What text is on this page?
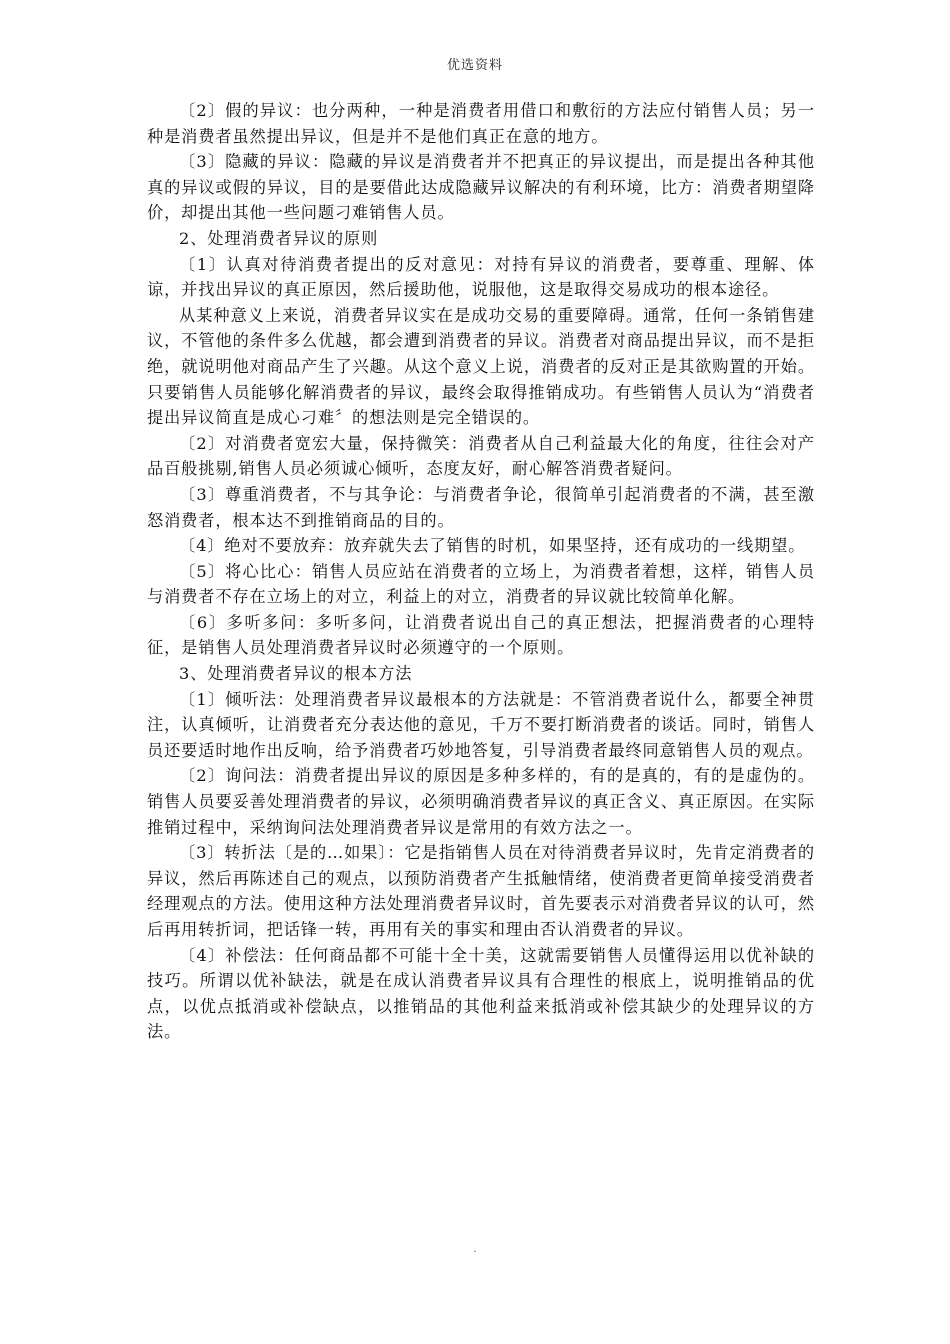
优选资料

〔2〕假的异议：也分两种，一种是消费者用借口和敷衍的方法应付销售人员；另一种是消费者虽然提出异议，但是并不是他们真正在意的地方。

〔3〕隐藏的异议：隐藏的异议是消费者并不把真正的异议提出，而是提出各种其他真的异议或假的异议，目的是要借此达成隐藏异议解决的有利环境，比方：消费者期望降价，却提出其他一些问题刁难销售人员。

2、处理消费者异议的原则

〔1〕认真对待消费者提出的反对意见：对持有异议的消费者，要尊重、理解、体谅，并找出异议的真正原因，然后援助他，说服他，这是取得交易成功的根本途径。

从某种意义上来说，消费者异议实在是成功交易的重要障碍。通常，任何一条销售建议，不管他的条件多么优越，都会遭到消费者的异议。消费者对商品提出异议，而不是拒绝，就说明他对商品产生了兴趣。从这个意义上说，消费者的反对正是其欲购置的开始。只要销售人员能够化解消费者的异议，最终会取得推销成功。有些销售人员认为“消费者提出异议简直是成心刁难〞的想法则是完全错误的。

〔2〕对消费者宽宏大量，保持微笑：消费者从自己利益最大化的角度，往往会对产品百般挑剔,销售人员必须诚心倾听，态度友好，耐心解答消费者疑问。

〔3〕尊重消费者，不与其争论：与消费者争论，很简单引起消费者的不满，甚至激怒消费者，根本达不到推销商品的目的。

〔4〕绝对不要放弃：放弃就失去了销售的时机，如果坚持，还有成功的一线期望。

〔5〕将心比心：销售人员应站在消费者的立场上，为消费者着想，这样，销售人员与消费者不存在立场上的对立，利益上的对立，消费者的异议就比较简单化解。

〔6〕多听多问：多听多问，让消费者说出自己的真正想法，把握消费者的心理特征，是销售人员处理消费者异议时必须遵守的一个原则。

3、处理消费者异议的根本方法

〔1〕倾听法：处理消费者异议最根本的方法就是：不管消费者说什么，都要全神贯注，认真倾听，让消费者充分表达他的意见，千万不要打断消费者的谈话。同时，销售人员还要适时地作出反响，给予消费者巧妙地答复，引导消费者最终同意销售人员的观点。

〔2〕询问法：消费者提出异议的原因是多种多样的，有的是真的，有的是虚伪的。销售人员要妥善处理消费者的异议，必须明确消费者异议的真正含义、真正原因。在实际推销过程中，采纳询问法处理消费者异议是常用的有效方法之一。

〔3〕转折法〔是的…如果〕：它是指销售人员在对待消费者异议时，先肯定消费者的异议，然后再陈述自己的观点，以预防消费者产生抵触情绪，使消费者更简单接受消费者经理观点的方法。使用这种方法处理消费者异议时，首先要表示对消费者异议的认可，然后再用转折词，把话锋一转，再用有关的事实和理由否认消费者的异议。

〔4〕补偿法：任何商品都不可能十全十美，这就需要销售人员懂得运用以优补缺的技巧。所谓以优补缺法，就是在成认消费者异议具有合理性的根底上，说明推销品的优点，以优点抵消或补偿缺点，以推销品的其他利益来抵消或补偿其缺少的处理异议的方法。

.
